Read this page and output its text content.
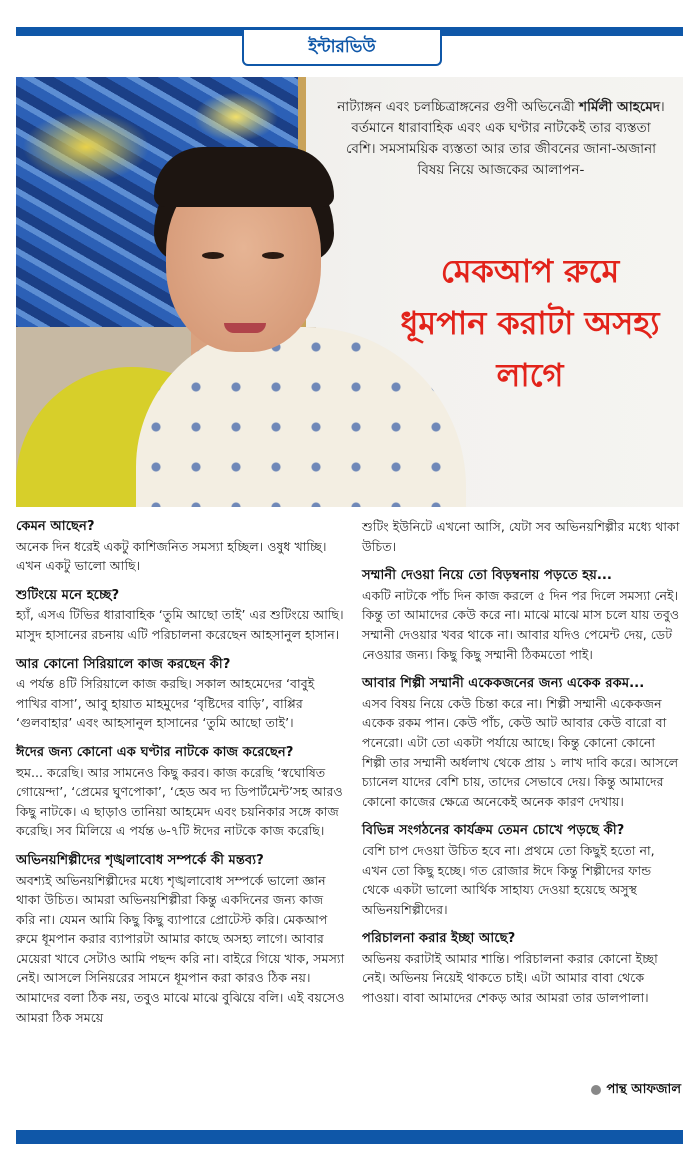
ইন্টারভিউ
নাট্যাঙ্গন এবং চলচ্চিত্রাঙ্গনের গুণী অভিনেত্রী শর্মিলী আহমেদ। বর্তমানে ধারাবাহিক এবং এক ঘণ্টার নাটকেই তার ব্যস্ততা বেশি। সমসাময়িক ব্যস্ততা আর তার জীবনের জানা-অজানা বিষয় নিয়ে আজকের আলাপন-
মেকআপ রুমে ধূমপান করাটা অসহ্য লাগে
কেমন আছেন?

অনেক দিন ধরেই একটু কাশিজনিত সমস্যা হচ্ছিল। ওষুধ খাচ্ছি। এখন একটু ভালো আছি।

শুটিংয়ে মনে হচ্ছে?

হ্যাঁ, এসএ টিভির ধারাবাহিক ‘তুমি আছো তাই’ এর শুটিংয়ে আছি। মাসুদ হাসানের রচনায় এটি পরিচালনা করেছেন আহসানুল হাসান।

আর কোনো সিরিয়ালে কাজ করছেন কী?

এ পর্যন্ত ৪টি সিরিয়ালে কাজ করছি। সকাল আহমেদের ‘বাবুই পাখির বাসা’, আবু হায়াত মাহমুদের ‘বৃষ্টিদের বাড়ি’, বাপ্পির ‘গুলবাহার’ এবং আহসানুল হাসানের ‘তুমি আছো তাই’।

ঈদের জন্য কোনো এক ঘণ্টার নাটকে কাজ করেছেন?

হুম... করেছি। আর সামনেও কিছু করব। কাজ করেছি ‘স্বঘোষিত গোয়েন্দা’, ‘প্রেমের ঘুণপোকা’, ‘হেড অব দ্য ডিপার্টমেন্ট’সহ আরও কিছু নাটকে। এ ছাড়াও তানিয়া আহমেদ এবং চয়নিকার সঙ্গে কাজ করেছি। সব মিলিয়ে এ পর্যন্ত ৬-৭টি ঈদের নাটকে কাজ করেছি।

অভিনয়শিল্পীদের শৃঙ্খলাবোধ সম্পর্কে কী মন্তব্য?

অবশ্যই অভিনয়শিল্পীদের মধ্যে শৃঙ্খলাবোধ সম্পর্কে ভালো জ্ঞান থাকা উচিত। আমরা অভিনয়শিল্পীরা কিন্তু একদিনের জন্য কাজ করি না। যেমন আমি কিছু কিছু ব্যাপারে প্রোটেস্ট করি। মেকআপ রুমে ধূমপান করার ব্যাপারটা আমার কাছে অসহ্য লাগে। আবার মেয়েরা খাবে সেটাও আমি পছন্দ করি না। বাইরে গিয়ে খাক, সমস্যা নেই। আসলে সিনিয়রের সামনে ধূমপান করা কারও ঠিক নয়। আমাদের বলা ঠিক নয়, তবুও মাঝে মাঝে বুঝিয়ে বলি। এই বয়সেও আমরা ঠিক সময়ে

শুটিং ইউনিটে এখনো আসি, যেটা সব অভিনয়শিল্পীর মধ্যে থাকা উচিত।

সম্মানী দেওয়া নিয়ে তো বিড়ম্বনায় পড়তে হয়...

একটি নাটকে পাঁচ দিন কাজ করলে ৫ দিন পর দিলে সমস্যা নেই। কিন্তু তা আমাদের কেউ করে না। মাঝে মাঝে মাস চলে যায় তবুও সম্মানী দেওয়ার খবর থাকে না। আবার যদিও পেমেন্ট দেয়, ডেট নেওয়ার জন্য। কিছু কিছু সম্মানী ঠিকমতো পাই।

আবার শিল্পী সম্মানী একেকজনের জন্য একেক রকম...

এসব বিষয় নিয়ে কেউ চিন্তা করে না। শিল্পী সম্মানী একেকজন একেক রকম পান। কেউ পাঁচ, কেউ আট আবার কেউ বারো বা পনেরো। এটা তো একটা পর্যায়ে আছে। কিন্তু কোনো কোনো শিল্পী তার সম্মানী অর্ধলাখ থেকে প্রায় ১ লাখ দাবি করে। আসলে চ্যানেল যাদের বেশি চায়, তাদের সেভাবে দেয়। কিন্তু আমাদের কোনো কাজের ক্ষেত্রে অনেকেই অনেক কারণ দেখায়।

বিভিন্ন সংগঠনের কার্যক্রম তেমন চোখে পড়ছে কী?

বেশি চাপ দেওয়া উচিত হবে না। প্রথমে তো কিছুই হতো না, এখন তো কিছু হচ্ছে। গত রোজার ঈদে কিন্তু শিল্পীদের ফান্ড থেকে একটা ভালো আর্থিক সাহায্য দেওয়া হয়েছে অসুস্থ অভিনয়শিল্পীদের।

পরিচালনা করার ইচ্ছা আছে?

অভিনয় করাটাই আমার শান্তি। পরিচালনা করার কোনো ইচ্ছা নেই। অভিনয় নিয়েই থাকতে চাই। এটা আমার বাবা থেকে পাওয়া। বাবা আমাদের শেকড় আর আমরা তার ডালপালা।

পান্থ আফজাল
